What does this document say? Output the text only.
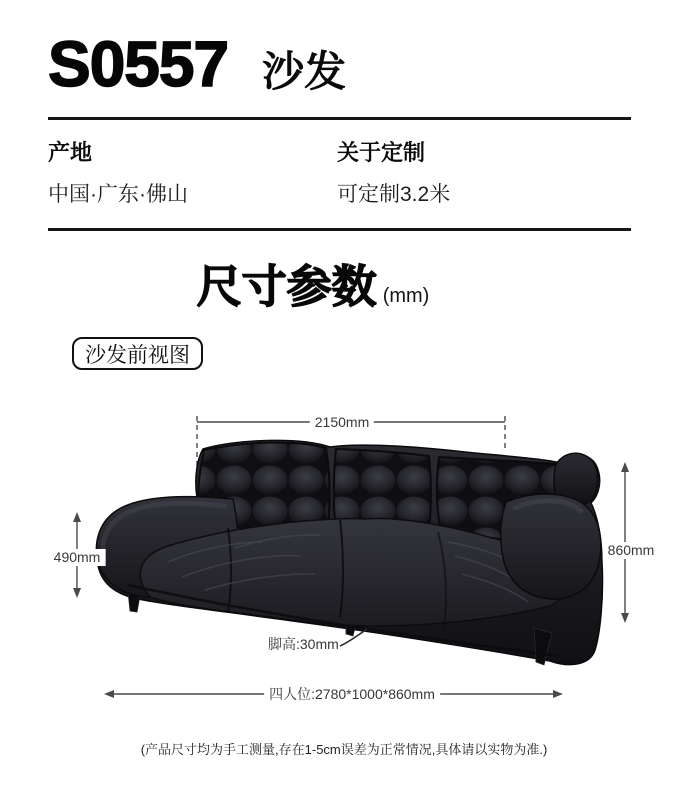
S0557 沙发
产地
中国·广东·佛山
关于定制
可定制3.2米
尺寸参数 (mm)
沙发前视图
2150mm
490mm	860mm
脚高:30mm
四人位:2780*1000*860mm
(产品尺寸均为手工测量,存在1-5cm误差为正常情况,具体请以实物为准.)
